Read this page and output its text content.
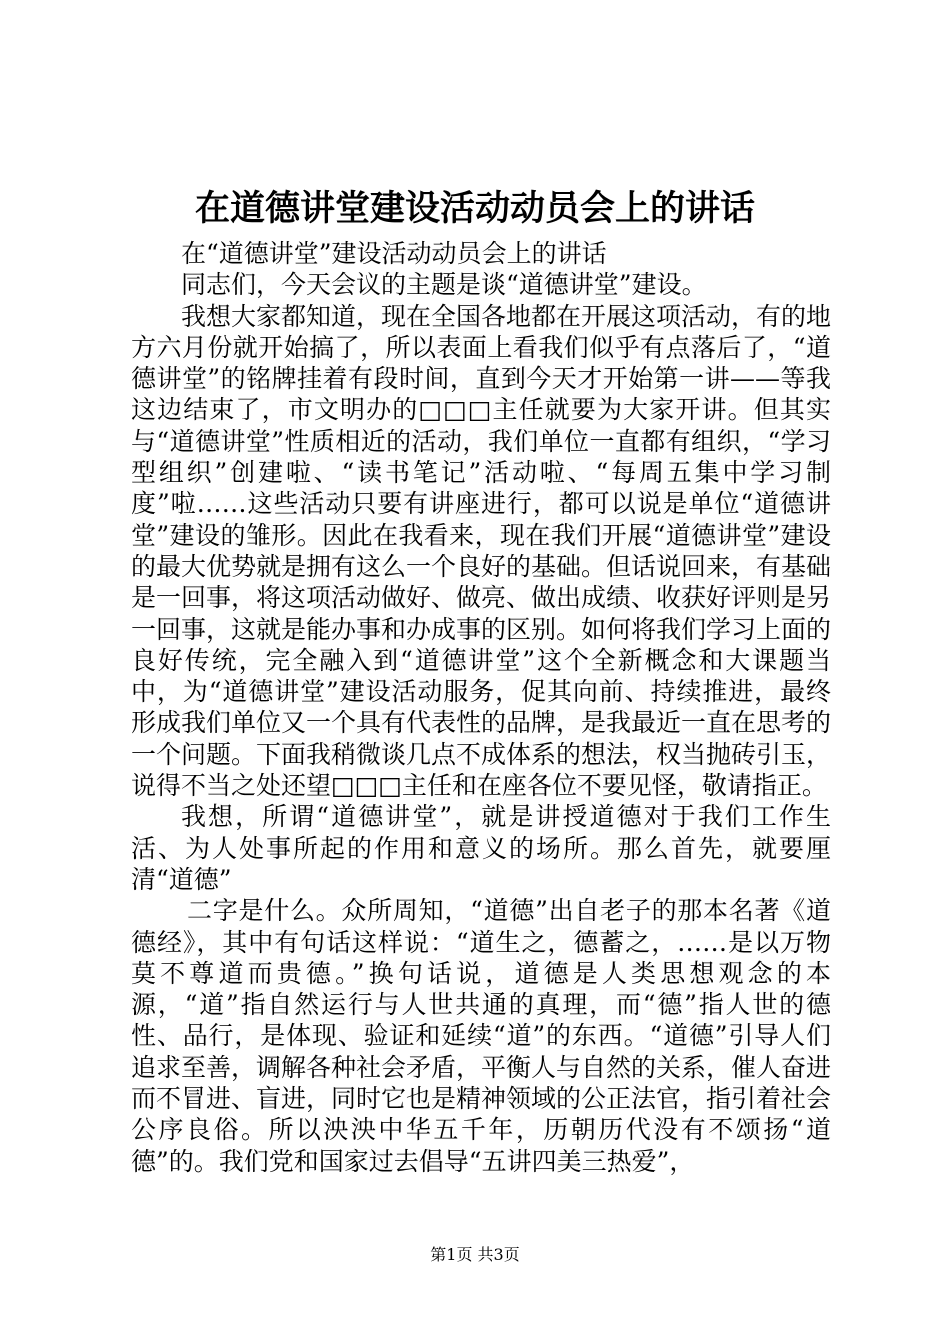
在道德讲堂建设活动动员会上的讲话

在“道德讲堂”建设活动动员会上的讲话

同志们，今天会议的主题是谈“道德讲堂”建设。

我想大家都知道，现在全国各地都在开展这项活动，有的地方六月份就开始搞了，所以表面上看我们似乎有点落后了，“道德讲堂”的铭牌挂着有段时间，直到今天才开始第一讲——等我这边结束了，市文明办的□□□主任就要为大家开讲。但其实与“道德讲堂”性质相近的活动，我们单位一直都有组织，“学习型组织”创建啦、“读书笔记”活动啦、“每周五集中学习制度”啦……这些活动只要有讲座进行，都可以说是单位“道德讲堂”建设的雏形。因此在我看来，现在我们开展“道德讲堂”建设的最大优势就是拥有这么一个良好的基础。但话说回来，有基础是一回事，将这项活动做好、做亮、做出成绩、收获好评则是另一回事，这就是能办事和办成事的区别。如何将我们学习上面的良好传统，完全融入到“道德讲堂”这个全新概念和大课题当中，为“道德讲堂”建设活动服务，促其向前、持续推进，最终形成我们单位又一个具有代表性的品牌，是我最近一直在思考的一个问题。下面我稍微谈几点不成体系的想法，权当抛砖引玉，说得不当之处还望□□□主任和在座各位不要见怪，敬请指正。

我想，所谓“道德讲堂”，就是讲授道德对于我们工作生活、为人处事所起的作用和意义的场所。那么首先，就要厘清“道德”

二字是什么。众所周知，“道德”出自老子的那本名著《道德经》，其中有句话这样说：“道生之，德蓄之，……是以万物莫不尊道而贵德。”换句话说，道德是人类思想观念的本源，“道”指自然运行与人世共通的真理，而“德”指人世的德性、品行，是体现、验证和延续“道”的东西。“道德”引导人们追求至善，调解各种社会矛盾，平衡人与自然的关系，催人奋进而不冒进、盲进，同时它也是精神领域的公正法官，指引着社会公序良俗。所以泱泱中华五千年，历朝历代没有不颂扬“道德”的。我们党和国家过去倡导“五讲四美三热爱”，

第1页 共3页
